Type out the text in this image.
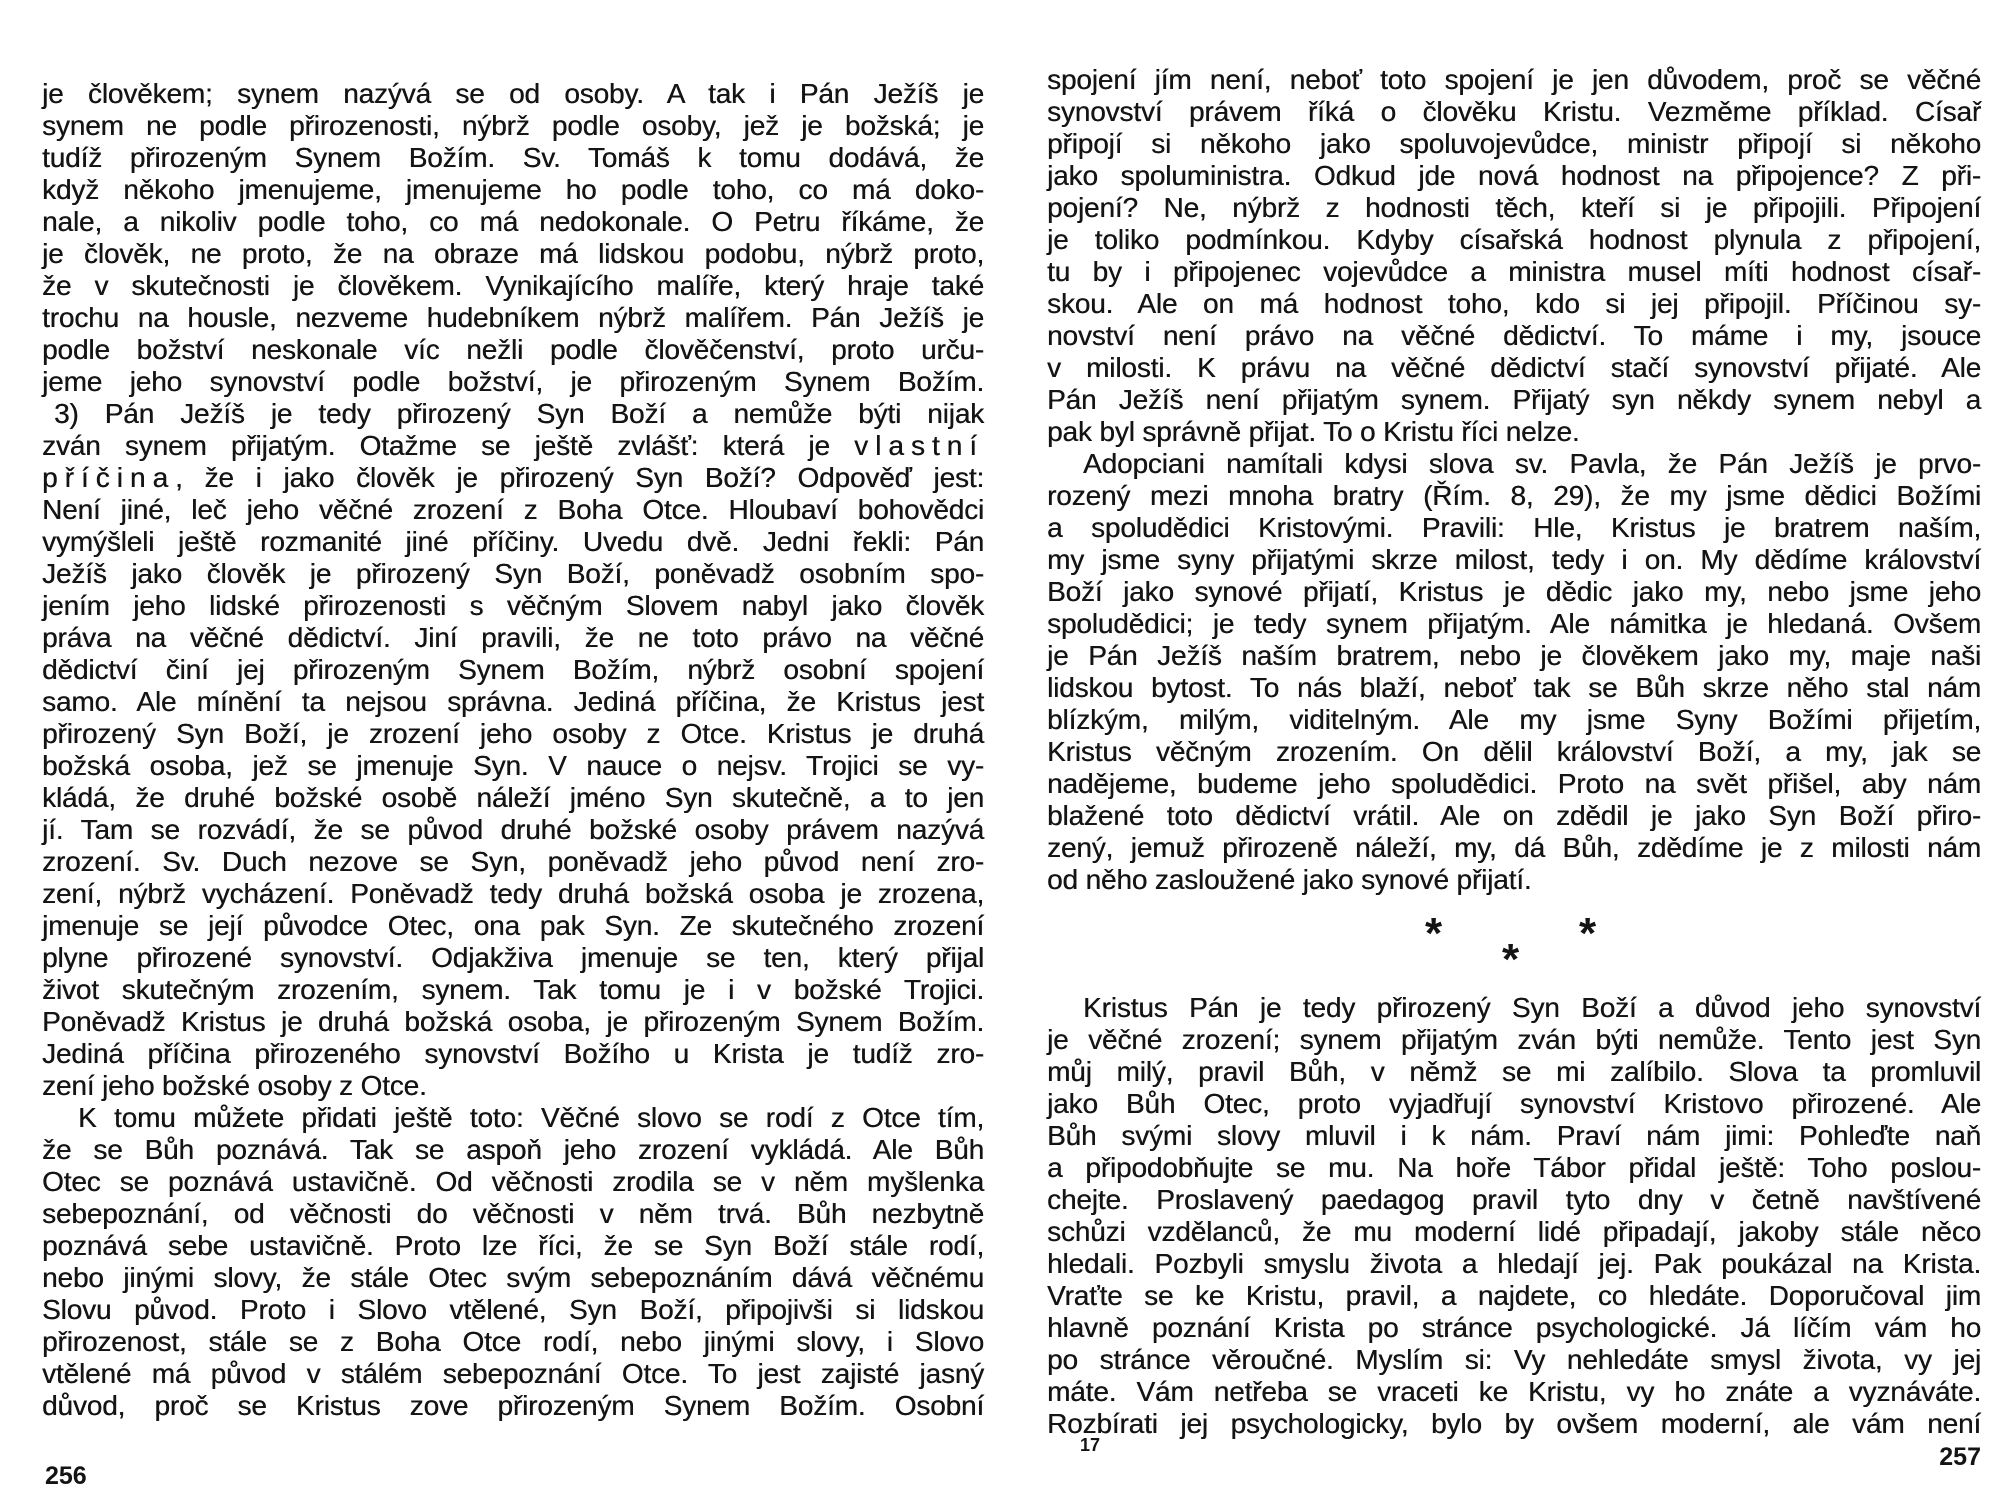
je člověkem; synem nazývá se od osoby. A tak i Pán Ježíš je
synem ne podle přirozenosti, nýbrž podle osoby, jež je božská; je
tudíž přirozeným Synem Božím. Sv. Tomáš k tomu dodává, že
když někoho jmenujeme, jmenujeme ho podle toho, co má doko-
nale, a nikoliv podle toho, co má nedokonale. O Petru říkáme, že
je člověk, ne proto, že na obraze má lidskou podobu, nýbrž proto,
že v skutečnosti je člověkem. Vynikajícího malíře, který hraje také
trochu na housle, nezveme hudebníkem nýbrž malířem. Pán Ježíš je
podle božství neskonale víc nežli podle člověčenství, proto urču-
jeme jeho synovství podle božství, je přirozeným Synem Božím.
3) Pán Ježíš je tedy přirozený Syn Boží a nemůže býti nijak
zván synem přijatým. Otažme se ještě zvlášť: která je vlastní
příčina, že i jako člověk je přirozený Syn Boží? Odpověď jest:
Není jiné, leč jeho věčné zrození z Boha Otce. Hloubaví bohovědci
vymýšleli ještě rozmanité jiné příčiny. Uvedu dvě. Jedni řekli: Pán
Ježíš jako člověk je přirozený Syn Boží, poněvadž osobním spo-
jením jeho lidské přirozenosti s věčným Slovem nabyl jako člověk
práva na věčné dědictví. Jiní pravili, že ne toto právo na věčné
dědictví činí jej přirozeným Synem Božím, nýbrž osobní spojení
samo. Ale mínění ta nejsou správna. Jediná příčina, že Kristus jest
přirozený Syn Boží, je zrození jeho osoby z Otce. Kristus je druhá
božská osoba, jež se jmenuje Syn. V nauce o nejsv. Trojici se vy-
kládá, že druhé božské osobě náleží jméno Syn skutečně, a to jen
jí. Tam se rozvádí, že se původ druhé božské osoby právem nazývá
zrození. Sv. Duch nezove se Syn, poněvadž jeho původ není zro-
zení, nýbrž vycházení. Poněvadž tedy druhá božská osoba je zrozena,
jmenuje se její původce Otec, ona pak Syn. Ze skutečného zrození
plyne přirozené synovství. Odjakživa jmenuje se ten, který přijal
život skutečným zrozením, synem. Tak tomu je i v božské Trojici.
Poněvadž Kristus je druhá božská osoba, je přirozeným Synem Božím.
Jediná příčina přirozeného synovství Božího u Krista je tudíž zro-
zení jeho božské osoby z Otce.
K tomu můžete přidati ještě toto: Věčné slovo se rodí z Otce tím,
že se Bůh poznává. Tak se aspoň jeho zrození vykládá. Ale Bůh
Otec se poznává ustavičně. Od věčnosti zrodila se v něm myšlenka
sebepoznání, od věčnosti do věčnosti v něm trvá. Bůh nezbytně
poznává sebe ustavičně. Proto lze říci, že se Syn Boží stále rodí,
nebo jinými slovy, že stále Otec svým sebepoznáním dává věčnému
Slovu původ. Proto i Slovo vtělené, Syn Boží, připojivši si lidskou
přirozenost, stále se z Boha Otce rodí, nebo jinými slovy, i Slovo
vtělené má původ v stálém sebepoznání Otce. To jest zajisté jasný
důvod, proč se Kristus zove přirozeným Synem Božím. Osobní
256
spojení jím není, neboť toto spojení je jen důvodem, proč se věčné
synovství právem říká o člověku Kristu. Vezměme příklad. Císař
připojí si někoho jako spoluvojevůdce, ministr připojí si někoho
jako spoluministra. Odkud jde nová hodnost na připojence? Z při-
pojení? Ne, nýbrž z hodnosti těch, kteří si je připojili. Připojení
je toliko podmínkou. Kdyby císařská hodnost plynula z připojení,
tu by i připojenec vojevůdce a ministra musel míti hodnost císař-
skou. Ale on má hodnost toho, kdo si jej připojil. Příčinou sy-
novství není právo na věčné dědictví. To máme i my, jsouce
v milosti. K právu na věčné dědictví stačí synovství přijaté. Ale
Pán Ježíš není přijatým synem. Přijatý syn někdy synem nebyl a
pak byl správně přijat. To o Kristu říci nelze.
Adopciani namítali kdysi slova sv. Pavla, že Pán Ježíš je prvo-
rozený mezi mnoha bratry (Řím. 8, 29), že my jsme dědici Božími
a spoludědici Kristovými. Pravili: Hle, Kristus je bratrem naším,
my jsme syny přijatými skrze milost, tedy i on. My dědíme království
Boží jako synové přijatí, Kristus je dědic jako my, nebo jsme jeho
spoludědici; je tedy synem přijatým. Ale námitka je hledaná. Ovšem
je Pán Ježíš naším bratrem, nebo je člověkem jako my, maje naši
lidskou bytost. To nás blaží, neboť tak se Bůh skrze něho stal nám
blízkým, milým, viditelným. Ale my jsme Syny Božími přijetím,
Kristus věčným zrozením. On dělil království Boží, a my, jak se
nadějeme, budeme jeho spoludědici. Proto na svět přišel, aby nám
blažené toto dědictví vrátil. Ale on zdědil je jako Syn Boží přiro-
zený, jemuž přirozeně náleží, my, dá Bůh, zdědíme je z milosti nám
od něho zasloužené jako synové přijatí.
*
*
*
Kristus Pán je tedy přirozený Syn Boží a důvod jeho synovství
je věčné zrození; synem přijatým zván býti nemůže. Tento jest Syn
můj milý, pravil Bůh, v němž se mi zalíbilo. Slova ta promluvil
jako Bůh Otec, proto vyjadřují synovství Kristovo přirozené. Ale
Bůh svými slovy mluvil i k nám. Praví nám jimi: Pohleďte naň
a připodobňujte se mu. Na hoře Tábor přidal ještě: Toho poslou-
chejte. Proslavený paedagog pravil tyto dny v četně navštívené
schůzi vzdělanců, že mu moderní lidé připadají, jakoby stále něco
hledali. Pozbyli smyslu života a hledají jej. Pak poukázal na Krista.
Vraťte se ke Kristu, pravil, a najdete, co hledáte. Doporučoval jim
hlavně poznání Krista po stránce psychologické. Já líčím vám ho
po stránce věroučné. Myslím si: Vy nehledáte smysl života, vy jej
máte. Vám netřeba se vraceti ke Kristu, vy ho znáte a vyznáváte.
Rozbírati jej psychologicky, bylo by ovšem moderní, ale vám není
17	257
